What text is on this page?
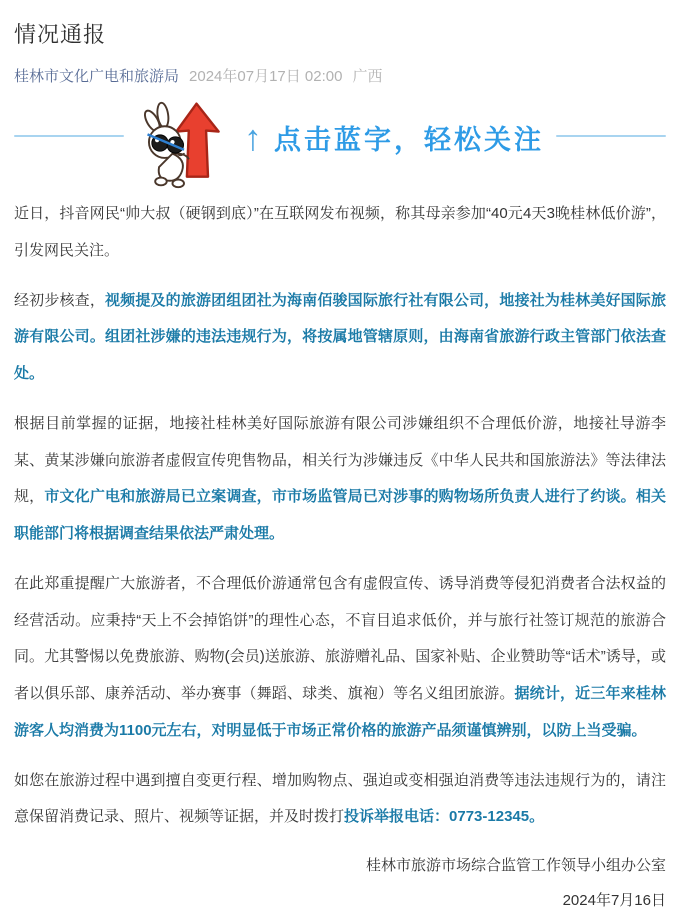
情况通报
桂林市文化广电和旅游局 2024年07月17日 02:00 广西
↑ 点击蓝字，轻松关注

近日，抖音网民“帅大叔（硬钢到底）”在互联网发布视频，称其母亲参加“40元4天3晚桂林低价游”，引发网民关注。

经初步核查，视频提及的旅游团组团社为海南佰骏国际旅行社有限公司，地接社为桂林美好国际旅游有限公司。组团社涉嫌的违法违规行为，将按属地管辖原则，由海南省旅游行政主管部门依法查处。

根据目前掌握的证据，地接社桂林美好国际旅游有限公司涉嫌组织不合理低价游，地接社导游李某、黄某涉嫌向旅游者虚假宣传兜售物品，相关行为涉嫌违反《中华人民共和国旅游法》等法律法规，市文化广电和旅游局已立案调查，市市场监管局已对涉事的购物场所负责人进行了约谈。相关职能部门将根据调查结果依法严肃处理。

在此郑重提醒广大旅游者，不合理低价游通常包含有虚假宣传、诱导消费等侵犯消费者合法权益的经营活动。应秉持“天上不会掉馅饼”的理性心态，不盲目追求低价，并与旅行社签订规范的旅游合同。尤其警惕以免费旅游、购物(会员)送旅游、旅游赠礼品、国家补贴、企业赞助等“话术”诱导，或者以俱乐部、康养活动、举办赛事（舞蹈、球类、旗袍）等名义组团旅游。据统计，近三年来桂林游客人均消费为1100元左右，对明显低于市场正常价格的旅游产品须谨慎辨别，以防上当受骗。

如您在旅游过程中遇到擅自变更行程、增加购物点、强迫或变相强迫消费等违法违规行为的，请注意保留消费记录、照片、视频等证据，并及时拨打投诉举报电话：0773-12345。

桂林市旅游市场综合监管工作领导小组办公室
2024年7月16日
